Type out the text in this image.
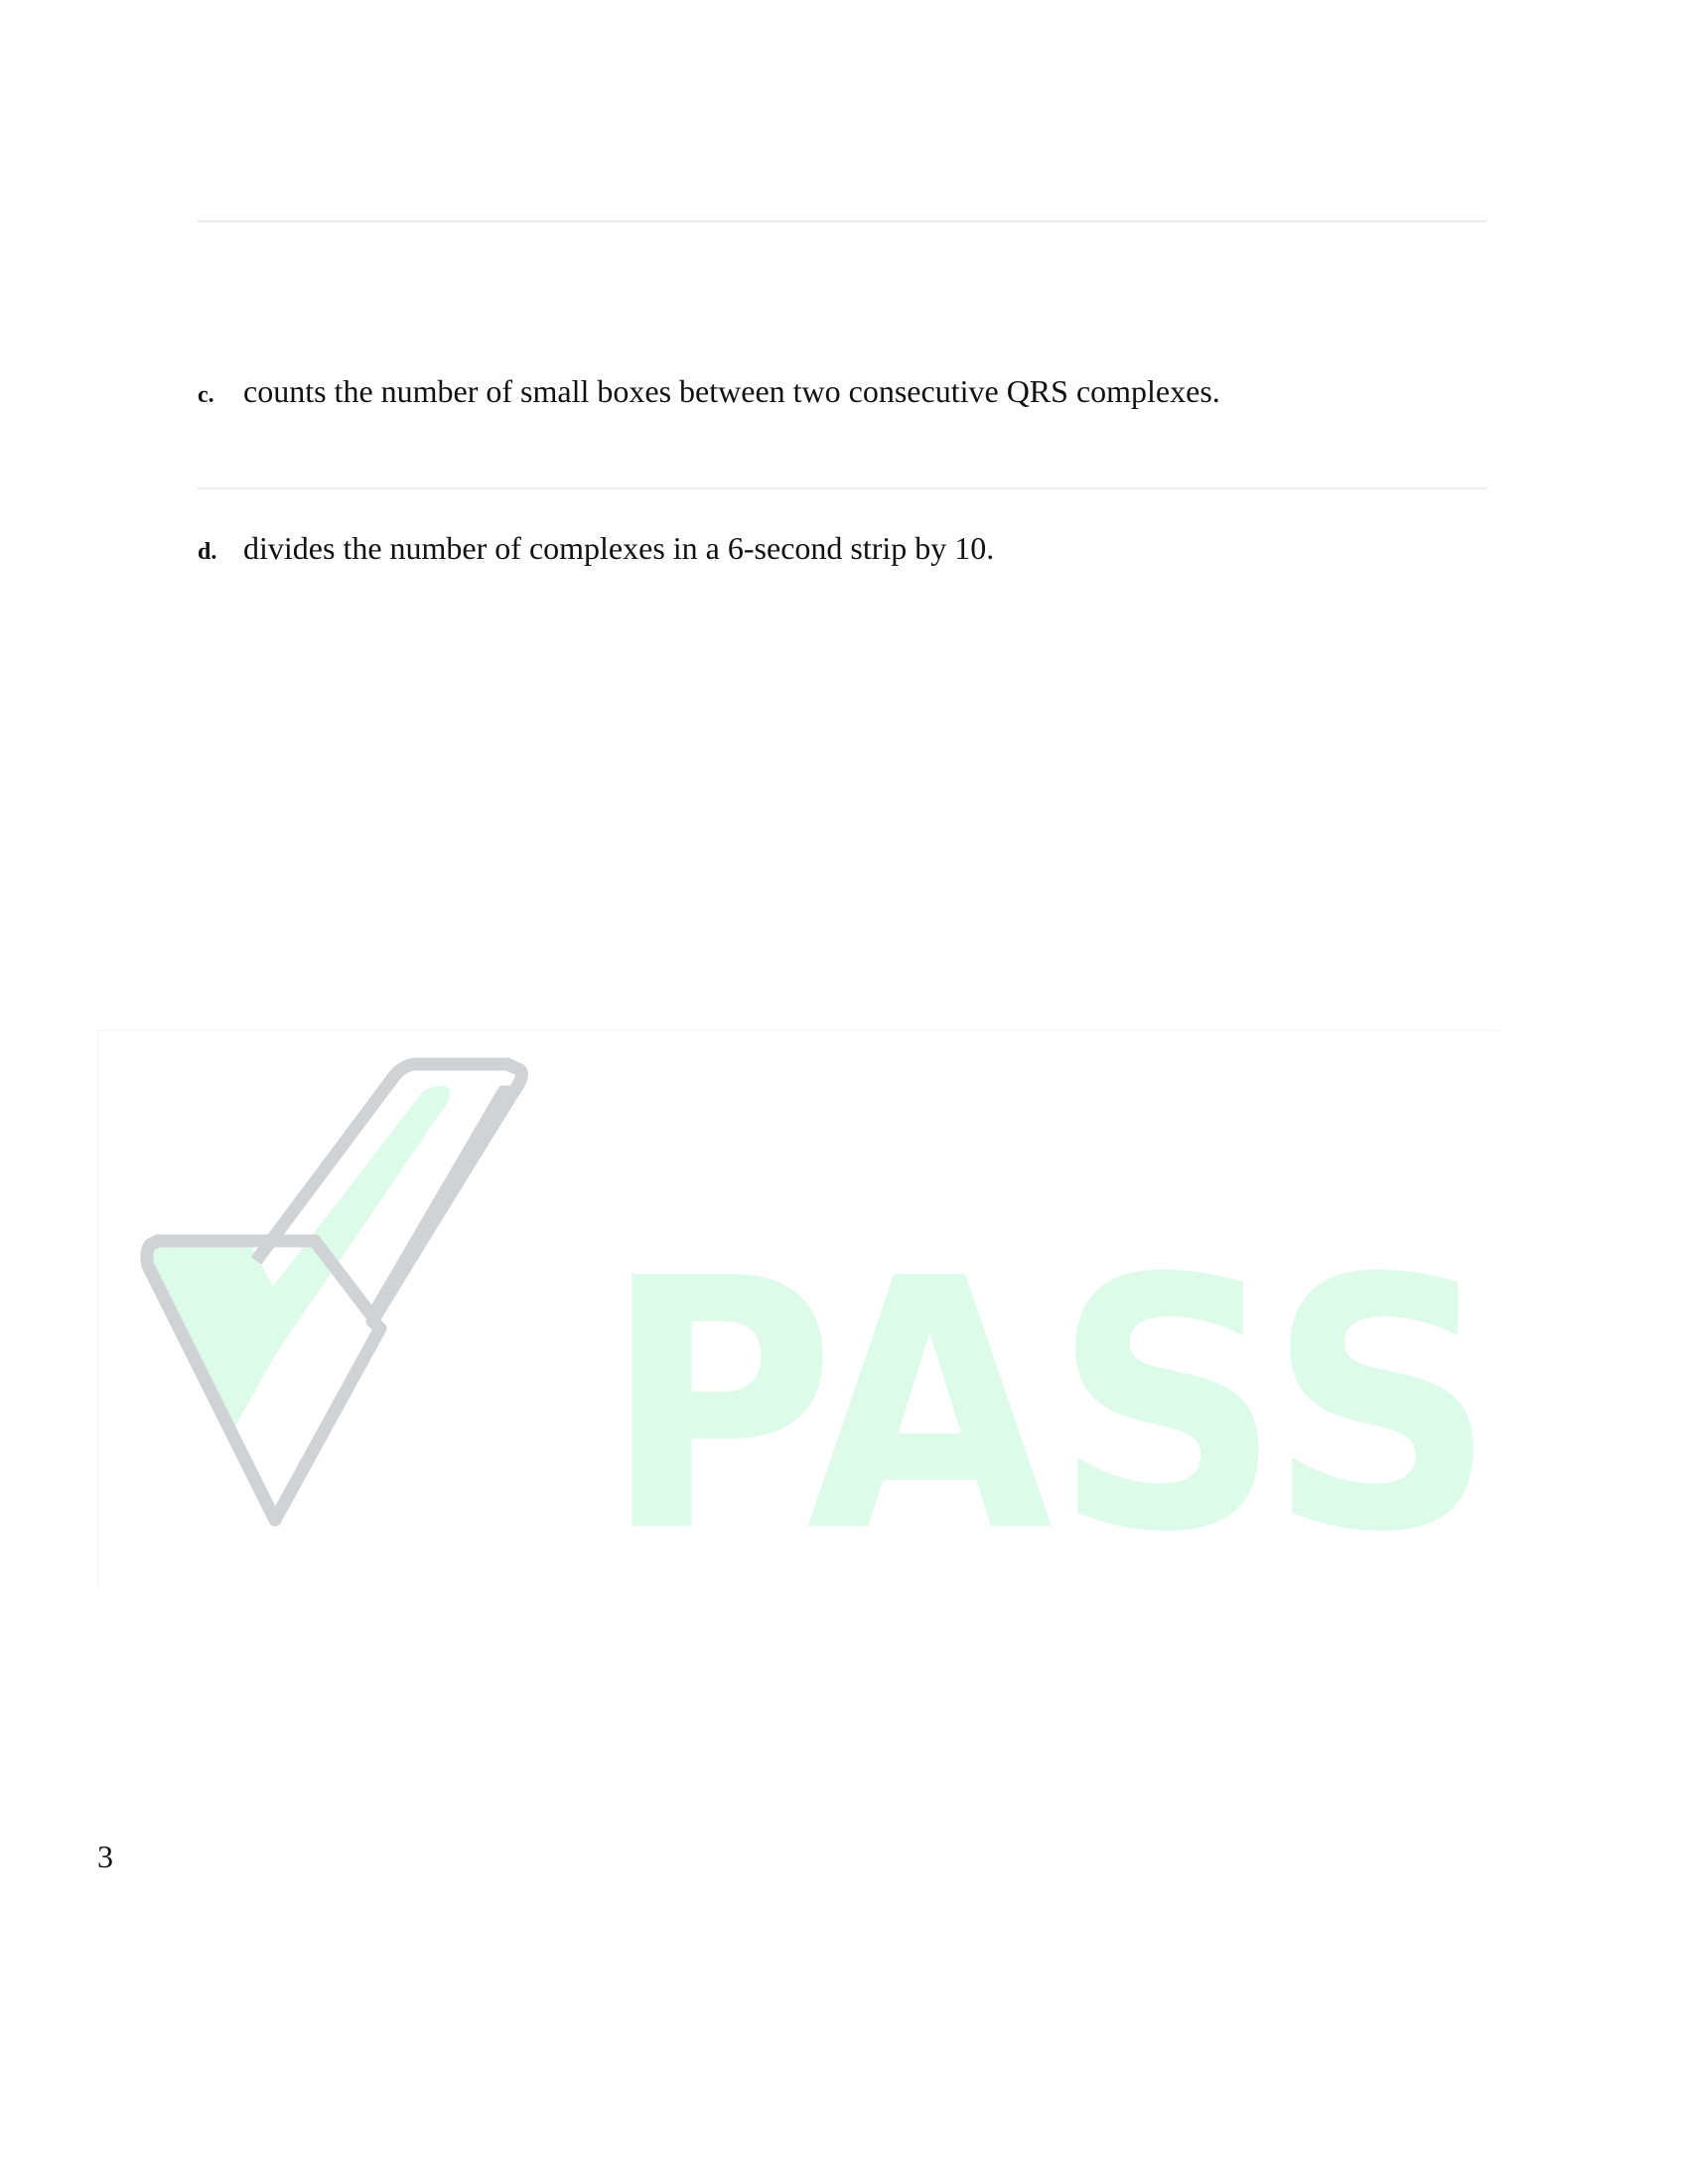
c. counts the number of small boxes between two consecutive QRS complexes.
d. divides the number of complexes in a 6-second strip by 10.
PASS
3
